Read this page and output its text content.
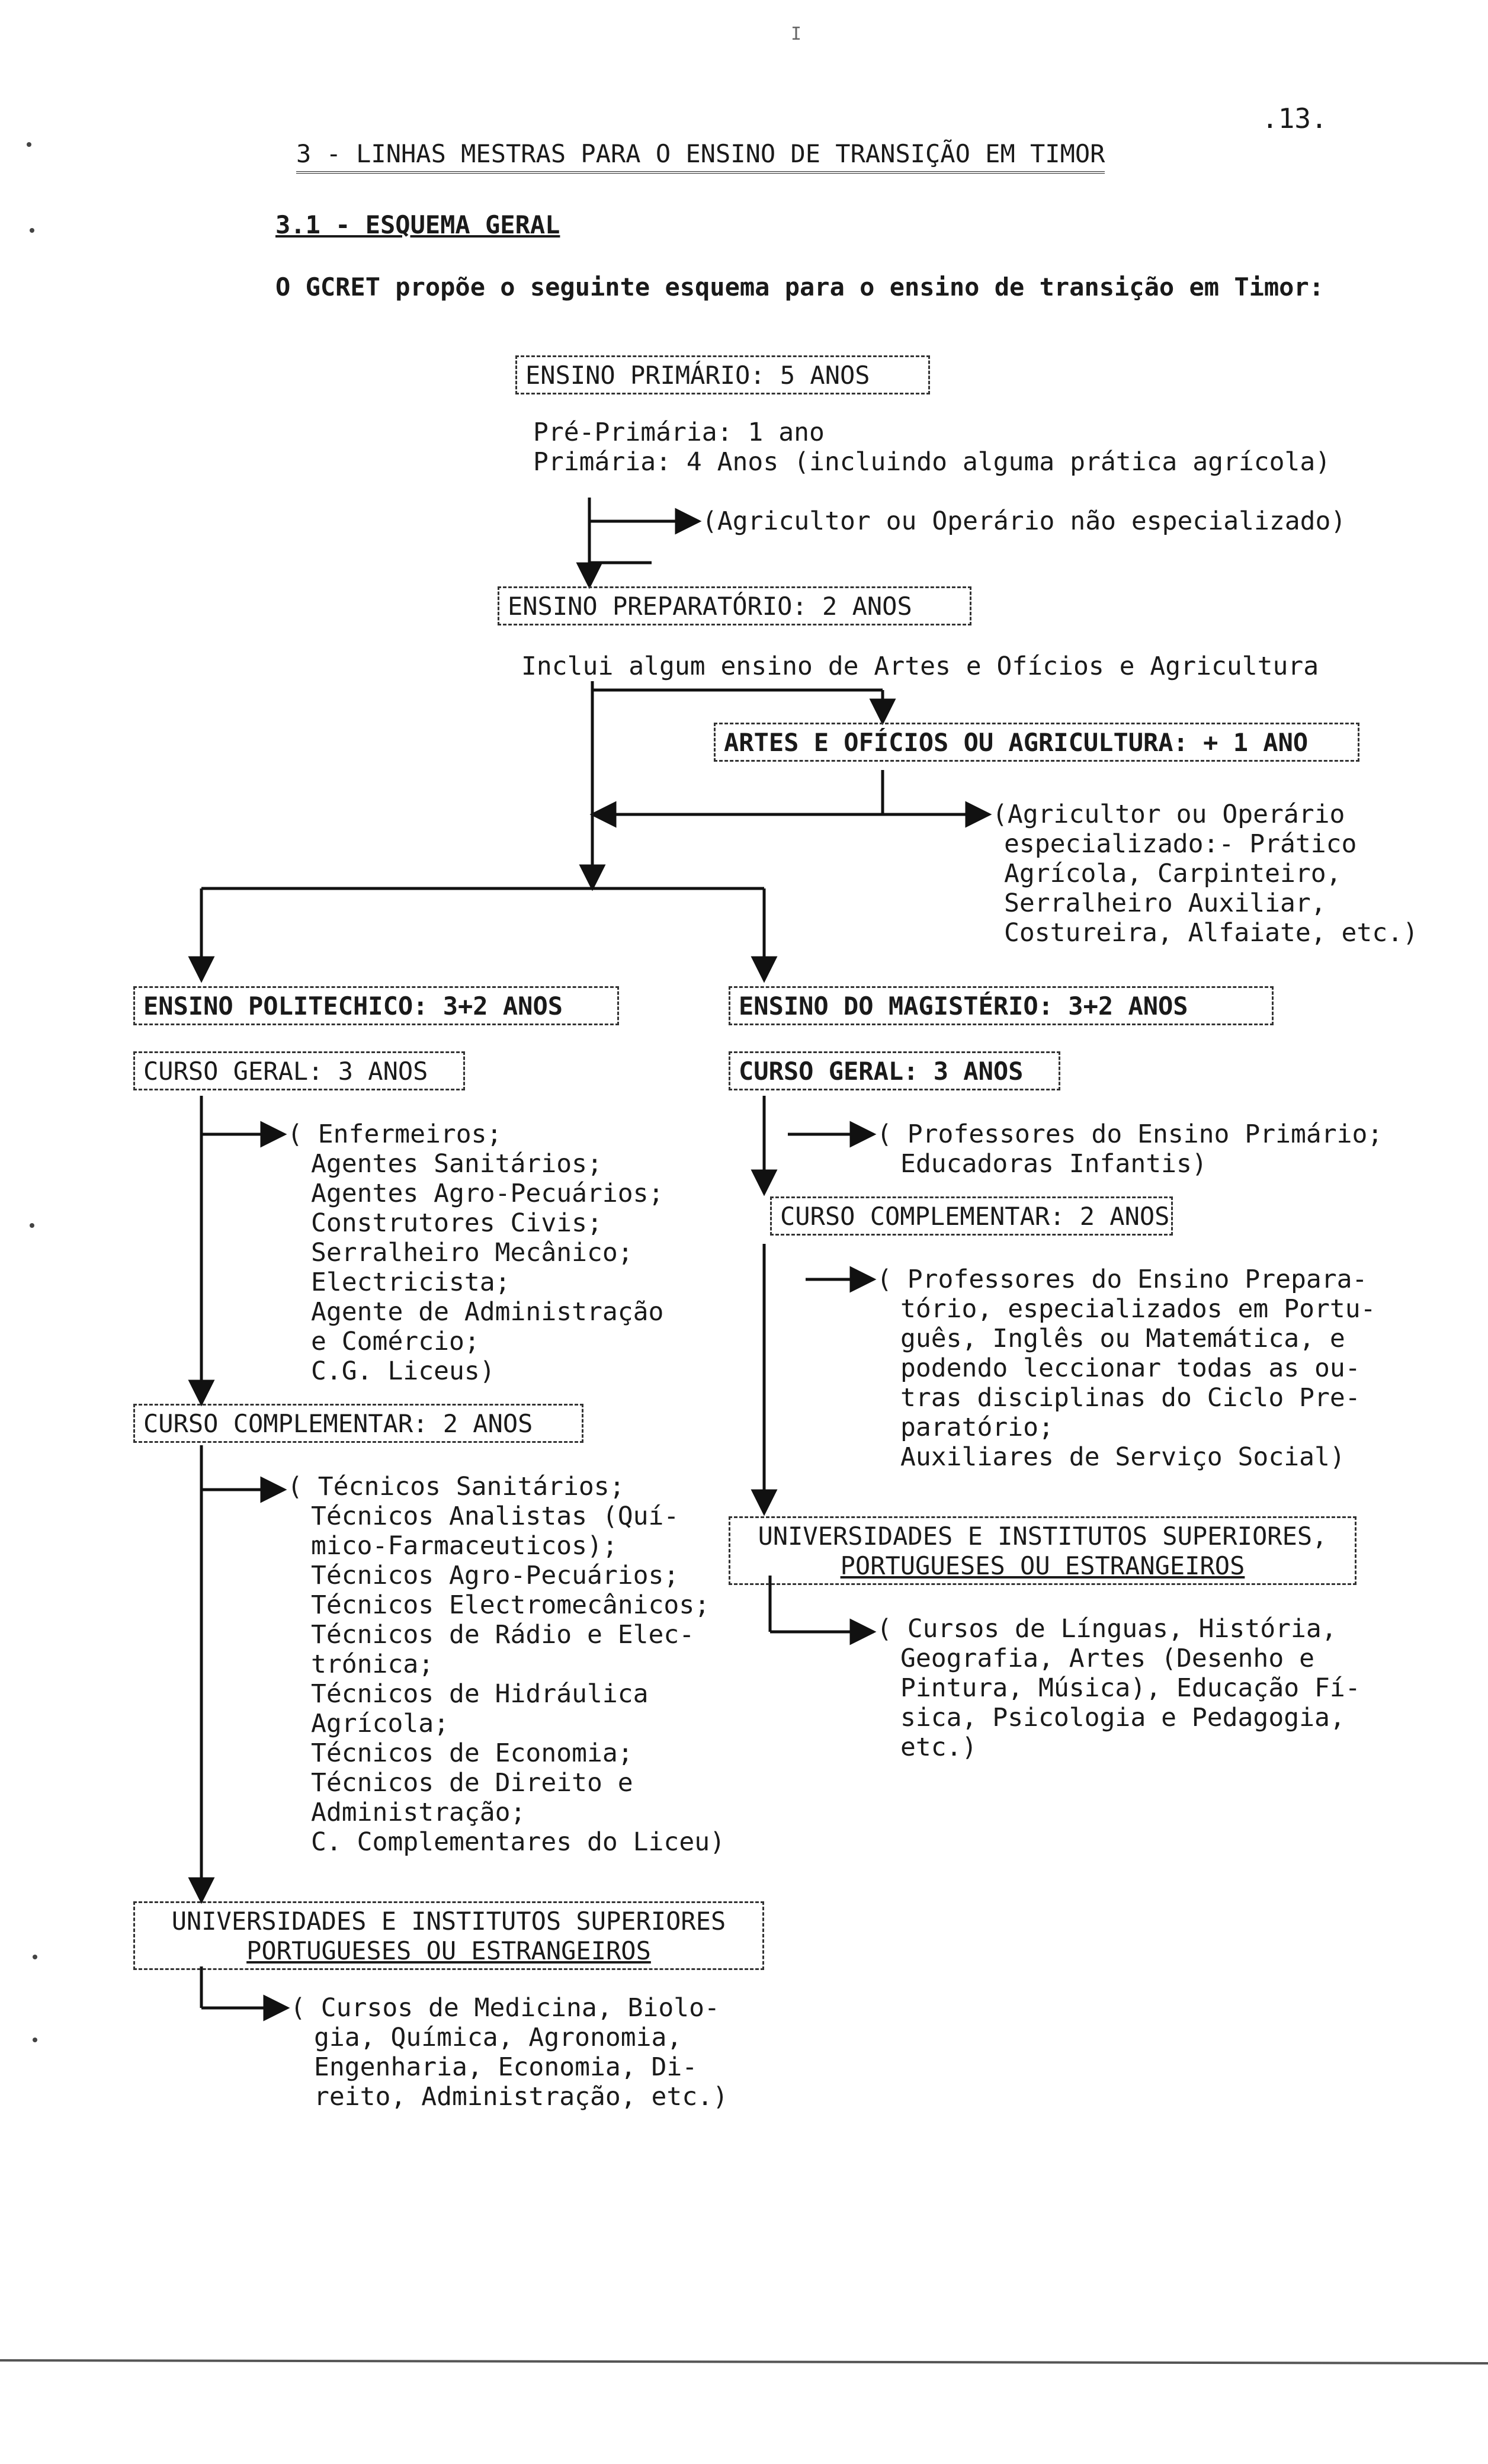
I
.13.
3 - LINHAS MESTRAS PARA O ENSINO DE TRANSIÇÃO EM TIMOR
3.1 - ESQUEMA GERAL
O GCRET propõe o seguinte esquema para o ensino de transição em Timor:
ENSINO PRIMÁRIO: 5 ANOS
Pré-Primária: 1 ano
Primária: 4 Anos (incluindo alguma prática agrícola)
(Agricultor ou Operário não especializado)
ENSINO PREPARATÓRIO: 2 ANOS
Inclui algum ensino de Artes e Ofícios e Agricultura
ARTES E OFÍCIOS OU AGRICULTURA: + 1 ANO
(Agricultor ou Operário
especializado:- Prático
Agrícola, Carpinteiro,
Serralheiro Auxiliar,
Costureira, Alfaiate, etc.)
ENSINO POLITECHICO: 3+2 ANOS
CURSO GERAL: 3 ANOS
( Enfermeiros;
Agentes Sanitários;
Agentes Agro-Pecuários;
Construtores Civis;
Serralheiro Mecânico;
Electricista;
Agente de Administração
e Comércio;
C.G. Liceus)
CURSO COMPLEMENTAR: 2 ANOS
( Técnicos Sanitários;
Técnicos Analistas (Quí-
mico-Farmaceuticos);
Técnicos Agro-Pecuários;
Técnicos Electromecânicos;
Técnicos de Rádio e Elec-
trónica;
Técnicos de Hidráulica
Agrícola;
Técnicos de Economia;
Técnicos de Direito e
Administração;
C. Complementares do Liceu)
UNIVERSIDADES E INSTITUTOS SUPERIORES
PORTUGUESES OU ESTRANGEIROS
( Cursos de Medicina, Biolo-
gia, Química, Agronomia,
Engenharia, Economia, Di-
reito, Administração, etc.)
ENSINO DO MAGISTÉRIO: 3+2 ANOS
CURSO GERAL: 3 ANOS
( Professores do Ensino Primário;
Educadoras Infantis)
CURSO COMPLEMENTAR: 2 ANOS
( Professores do Ensino Prepara-
tório, especializados em Portu-
guês, Inglês ou Matemática, e
podendo leccionar todas as ou-
tras disciplinas do Ciclo Pre-
paratório;
Auxiliares de Serviço Social)
UNIVERSIDADES E INSTITUTOS SUPERIORES,
PORTUGUESES OU ESTRANGEIROS
( Cursos de Línguas, História,
Geografia, Artes (Desenho e
Pintura, Música), Educação Fí-
sica, Psicologia e Pedagogia,
etc.)
